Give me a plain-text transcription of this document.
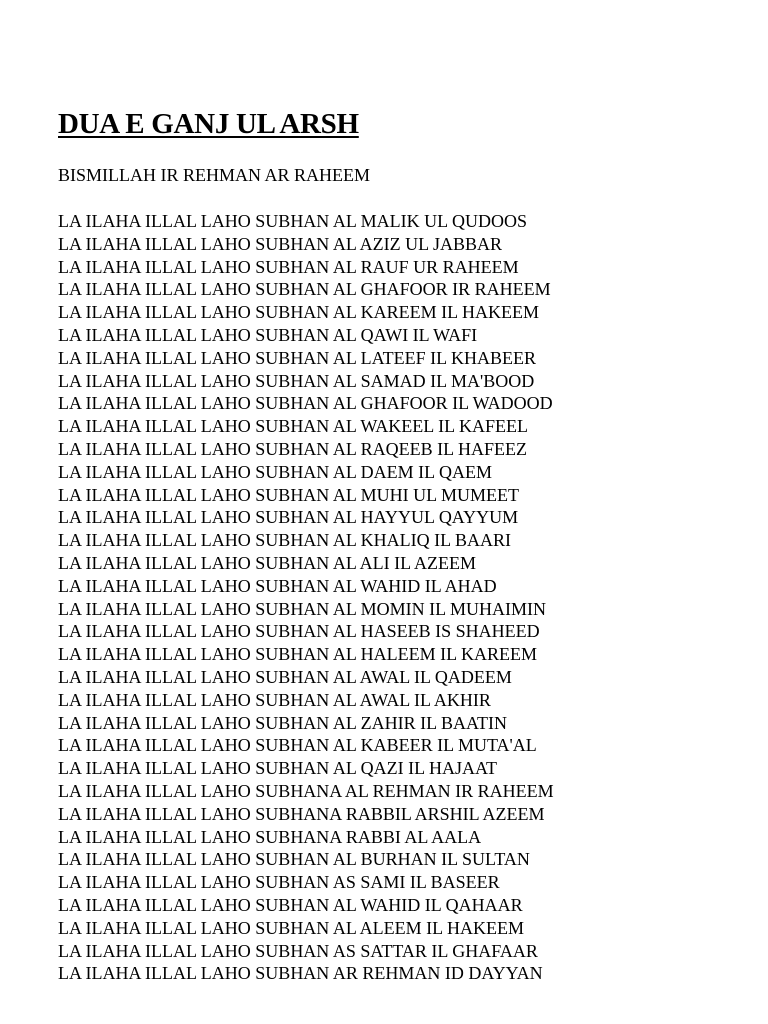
DUA E GANJ UL ARSH

BISMILLAH IR REHMAN AR RAHEEM

LA ILAHA ILLAL LAHO SUBHAN AL MALIK UL QUDOOS
LA ILAHA ILLAL LAHO SUBHAN AL AZIZ UL JABBAR
LA ILAHA ILLAL LAHO SUBHAN AL RAUF UR RAHEEM
LA ILAHA ILLAL LAHO SUBHAN AL GHAFOOR IR RAHEEM
LA ILAHA ILLAL LAHO SUBHAN AL KAREEM IL HAKEEM
LA ILAHA ILLAL LAHO SUBHAN AL QAWI IL WAFI
LA ILAHA ILLAL LAHO SUBHAN AL LATEEF IL KHABEER
LA ILAHA ILLAL LAHO SUBHAN AL SAMAD IL MA'BOOD
LA ILAHA ILLAL LAHO SUBHAN AL GHAFOOR IL WADOOD
LA ILAHA ILLAL LAHO SUBHAN AL WAKEEL IL KAFEEL
LA ILAHA ILLAL LAHO SUBHAN AL RAQEEB IL HAFEEZ
LA ILAHA ILLAL LAHO SUBHAN AL DAEM IL QAEM
LA ILAHA ILLAL LAHO SUBHAN AL MUHI UL MUMEET
LA ILAHA ILLAL LAHO SUBHAN AL HAYYUL QAYYUM
LA ILAHA ILLAL LAHO SUBHAN AL KHALIQ IL BAARI
LA ILAHA ILLAL LAHO SUBHAN AL ALI IL AZEEM
LA ILAHA ILLAL LAHO SUBHAN AL WAHID IL AHAD
LA ILAHA ILLAL LAHO SUBHAN AL MOMIN IL MUHAIMIN
LA ILAHA ILLAL LAHO SUBHAN AL HASEEB IS SHAHEED
LA ILAHA ILLAL LAHO SUBHAN AL HALEEM IL KAREEM
LA ILAHA ILLAL LAHO SUBHAN AL AWAL IL QADEEM
LA ILAHA ILLAL LAHO SUBHAN AL AWAL IL AKHIR
LA ILAHA ILLAL LAHO SUBHAN AL ZAHIR IL BAATIN
LA ILAHA ILLAL LAHO SUBHAN AL KABEER IL MUTA'AL
LA ILAHA ILLAL LAHO SUBHAN AL QAZI IL HAJAAT
LA ILAHA ILLAL LAHO SUBHANA AL REHMAN IR RAHEEM
LA ILAHA ILLAL LAHO SUBHANA RABBIL ARSHIL AZEEM
LA ILAHA ILLAL LAHO SUBHANA RABBI AL AALA
LA ILAHA ILLAL LAHO SUBHAN AL BURHAN IL SULTAN
LA ILAHA ILLAL LAHO SUBHAN AS SAMI IL BASEER
LA ILAHA ILLAL LAHO SUBHAN AL WAHID IL QAHAAR
LA ILAHA ILLAL LAHO SUBHAN AL ALEEM IL HAKEEM
LA ILAHA ILLAL LAHO SUBHAN AS SATTAR IL GHAFAAR
LA ILAHA ILLAL LAHO SUBHAN AR REHMAN ID DAYYAN
